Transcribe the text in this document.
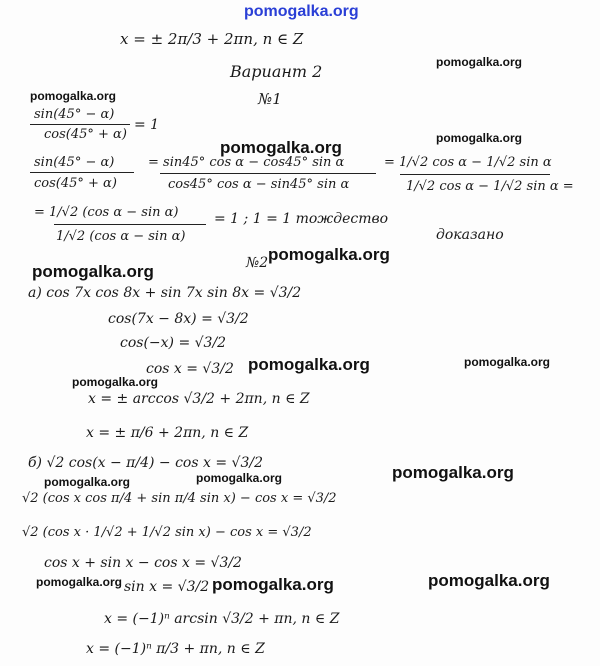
pomogalka.org
x = ± 2π/3 + 2πn, n ∈ Z
Вариант 2	pomogalka.org
№1
pomogalka.org
sin(45° − α)
cos(45° + α)
= 1
pomogalka.org	pomogalka.org
sin(45° − α)
cos(45° + α)
= sin45° cos α − cos45° sin α
cos45° cos α − sin45° sin α
= 1/√2 cos α − 1/√2 sin α
1/√2 cos α − 1/√2 sin α =
= 1/√2 (cos α − sin α)
1/√2 (cos α − sin α)
= 1 ; 1 = 1 тождество
доказано
pomogalka.org
№2
pomogalka.org
а) cos 7x cos 8x + sin 7x sin 8x = √3/2
cos(7x − 8x) = √3/2
cos(−x) = √3/2
cos x = √3/2 pomogalka.org	pomogalka.org
pomogalka.org
x = ± arccos √3/2 + 2πn, n ∈ Z
x = ± π/6 + 2πn, n ∈ Z
б) √2 cos(x − π/4) − cos x = √3/2	pomogalka.org
pomogalka.org	pomogalka.org
√2 (cos x cos π/4 + sin π/4 sin x) − cos x = √3/2
√2 (cos x · 1/√2 + 1/√2 sin x) − cos x = √3/2
cos x + sin x − cos x = √3/2
pomogalka.org sin x = √3/2 pomogalka.org	pomogalka.org
x = (−1)ⁿ arcsin √3/2 + πn, n ∈ Z
x = (−1)ⁿ π/3 + πn, n ∈ Z
